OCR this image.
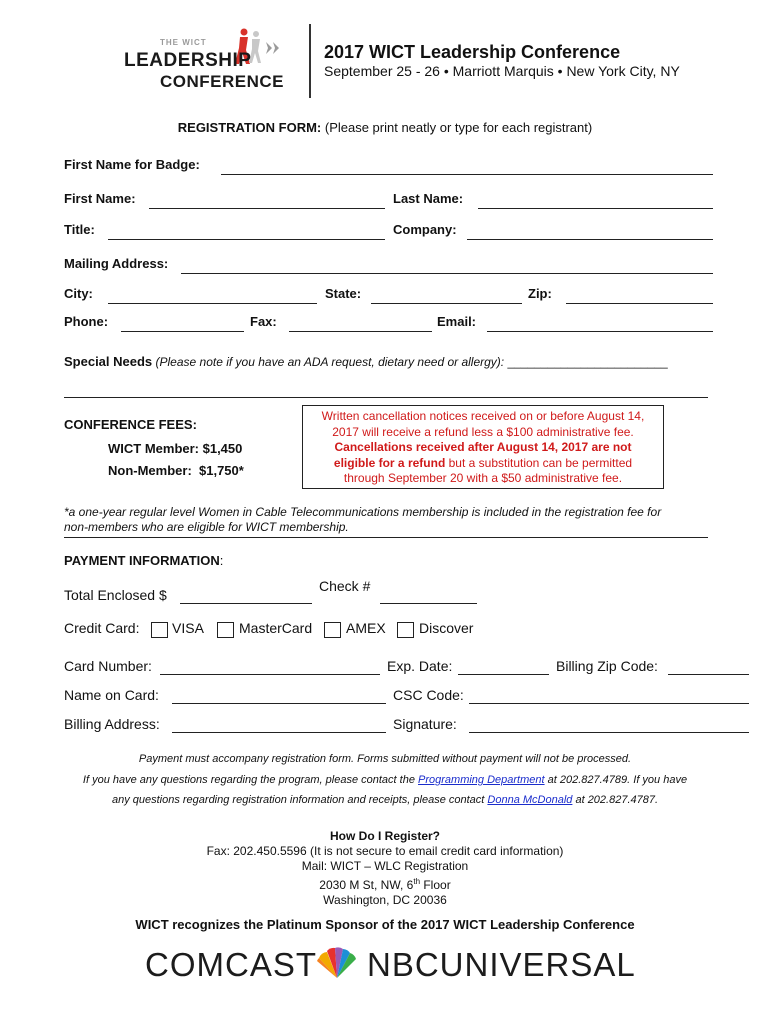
THE WICT
LEADERSHIP
CONFERENCE
2017 WICT Leadership Conference
September 25 - 26 • Marriott Marquis • New York City, NY
REGISTRATION FORM: (Please print neatly or type for each registrant)
First Name for Badge:
First Name:	Last Name:
Title:	Company:
Mailing Address:
City:	State:	Zip:
Phone:	Fax:	Email:
Special Needs (Please note if you have an ADA request, dietary need or allergy): ________________________
CONFERENCE FEES:
WICT Member: $1,450
Non-Member:  $1,750*
Written cancellation notices received on or before August 14,
2017 will receive a refund less a $100 administrative fee.
Cancellations received after August 14, 2017 are not
eligible for a refund but a substitution can be permitted
through September 20 with a $50 administrative fee.
*a one-year regular level Women in Cable Telecommunications membership is included in the registration fee for
non-members who are eligible for WICT membership.
PAYMENT INFORMATION:
Total Enclosed $
Check #
Credit Card: VISA	MasterCard AMEX Discover
Card Number:	Exp. Date:	Billing Zip Code:
Name on Card:	CSC Code:
Billing Address:	Signature:
Payment must accompany registration form. Forms submitted without payment will not be processed.
If you have any questions regarding the program, please contact the Programming Department at 202.827.4789. If you have
any questions regarding registration information and receipts, please contact Donna McDonald at 202.827.4787.
How Do I Register?
Fax: 202.450.5596 (It is not secure to email credit card information)
Mail: WICT – WLC Registration
2030 M St, NW, 6th Floor
Washington, DC 20036
WICT recognizes the Platinum Sponsor of the 2017 WICT Leadership Conference
COMCAST NBCUNIVERSAL
